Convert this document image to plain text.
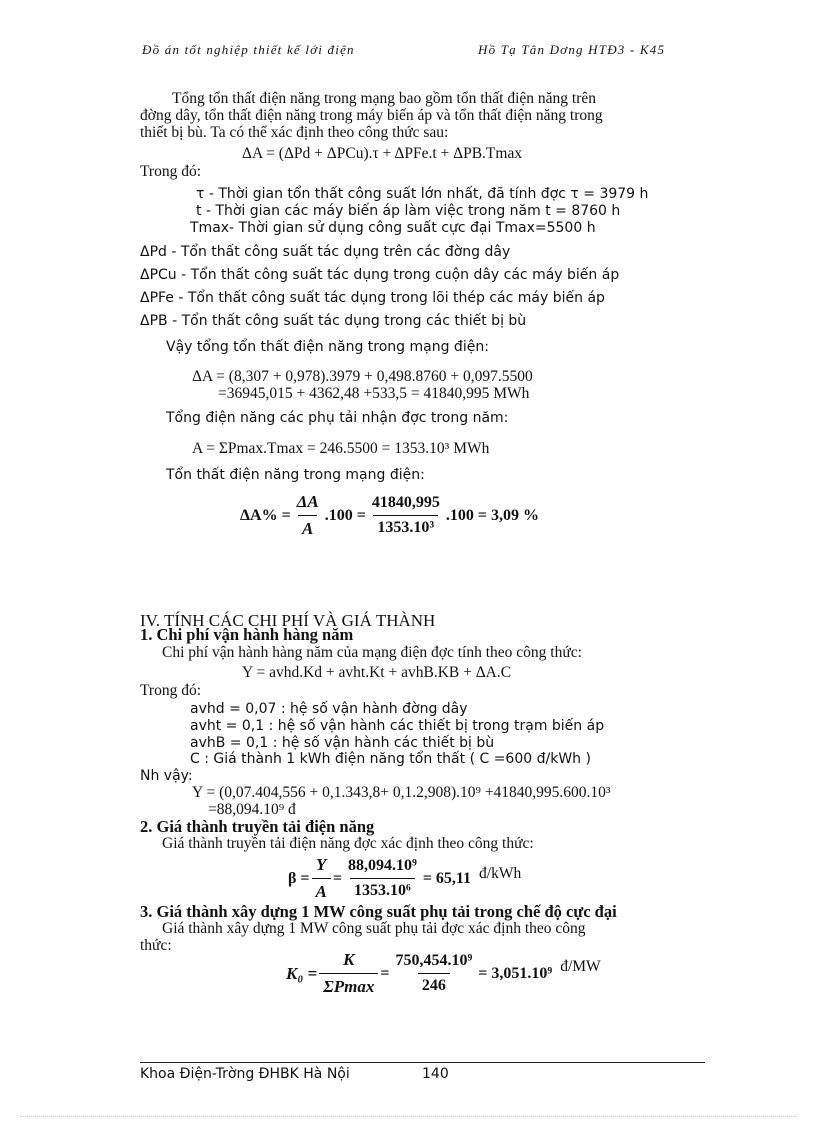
Đồ án tốt nghiệp thiết kế lới điện	Hồ Tạ Tân Dơng HTĐ3 - K45
Tổng tổn thất điện năng trong mạng bao gồm tổn thất điện năng trên
đờng dây, tổn thất điện năng trong máy biến áp và tổn thất điện năng trong
thiết bị bù. Ta có thể xác định theo công thức sau:
ΔA = (ΔPd + ΔPCu).τ + ΔPFe.t + ΔPB.Tmax
Trong đó:
τ - Thời gian tổn thất công suất lớn nhất, đã tính đợc τ = 3979 h
t - Thời gian các máy biến áp làm việc trong năm t = 8760 h
Tmax- Thời gian sử dụng công suất cực đại Tmax=5500 h
ΔPd - Tổn thất công suất tác dụng trên các đờng dây
ΔPCu - Tổn thất công suất tác dụng trong cuộn dây các máy biến áp
ΔPFe - Tổn thất công suất tác dụng trong lõi thép các máy biến áp
ΔPB - Tổn thất công suất tác dụng trong các thiết bị bù
Vậy tổng tổn thất điện năng trong mạng điện:
ΔA = (8,307 + 0,978).3979 + 0,498.8760 + 0,097.5500
=36945,015 + 4362,48 +533,5 = 41840,995 MWh
Tổng điện năng các phụ tải nhận đợc trong năm:
A = ΣPmax.Tmax = 246.5500 = 1353.10³ MWh
Tổn thất điện năng trong mạng điện:
$\Delta A\% = \frac{\Delta A}{A} .100 = \frac{41840,995}{\text{1353.10³}} .100 = 3,09$ %
IV. TÍNH CÁC CHI PHÍ VÀ GIÁ THÀNH
1. Chi phí vận hành hàng năm
Chi phí vận hành hàng năm của mạng điện đợc tính theo công thức:
Y = avhd.Kd + avht.Kt + avhB.KB + ΔA.C
Trong đó:
avhd = 0,07 : hệ số vận hành đờng dây
avht = 0,1 : hệ số vận hành các thiết bị trong trạm biến áp
avhB = 0,1 : hệ số vận hành các thiết bị bù
C : Giá thành 1 kWh điện năng tổn thất ( C =600 đ/kWh )
Nh vậy:
Y = (0,07.404,556 + 0,1.343,8+ 0,1.2,908).10⁹ +41840,995.600.10³
=88,094.10⁹ đ
2. Giá thành truyền tải điện năng
Giá thành truyền tải điện năng đợc xác định theo công thức:
$\beta = \frac{Y}{A} = \frac{\text{88,094.10⁹}}{\text{1353.10⁶}} = 65,11$ đ/kWh
3. Giá thành xây dựng 1 MW công suất phụ tải trong chế độ cực đại
Giá thành xây dựng 1 MW công suất phụ tải đợc xác định theo công
thức:
$K_0 = \frac{K}{\Sigma Pmax} = \frac{\text{750,454.10⁹}}{246} = 3,051.10^9$ đ/MW
Khoa Điện-Trờng ĐHBK Hà Nội	140
